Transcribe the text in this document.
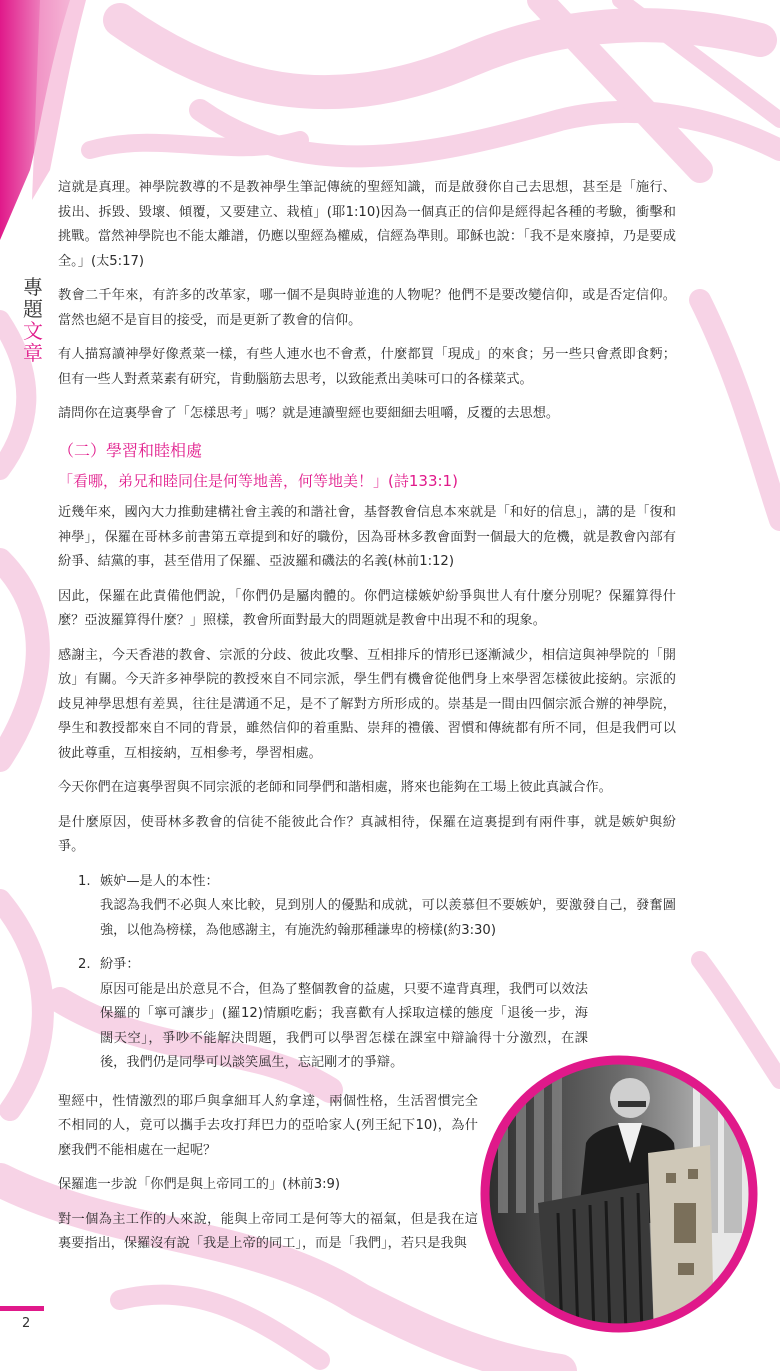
專
題
文
章

這就是真理。神學院教導的不是教神學生筆記傳統的聖經知識，而是啟發你自己去思想，甚至是「施行、拔出、拆毀、毀壞、傾覆，又要建立、栽植」(耶1:10)因為一個真正的信仰是經得起各種的考驗，衝擊和挑戰。當然神學院也不能太離譜，仍應以聖經為權威，信經為準則。耶穌也說：「我不是來廢掉，乃是要成全。」(太5:17)

教會二千年來，有許多的改革家，哪一個不是與時並進的人物呢？他們不是要改變信仰，或是否定信仰。當然也絕不是盲目的接受，而是更新了教會的信仰。

有人描寫讀神學好像煮菜一樣，有些人連水也不會煮，什麼都買「現成」的來食；另一些只會煮即食麪；但有一些人對煮菜素有研究，肯動腦筋去思考，以致能煮出美味可口的各樣菜式。

請問你在這裏學會了「怎樣思考」嗎？就是連讀聖經也要細細去咀嚼，反覆的去思想。

（二）學習和睦相處
「看哪，弟兄和睦同住是何等地善，何等地美！」(詩133:1)

近幾年來，國內大力推動建構社會主義的和諧社會，基督教會信息本來就是「和好的信息」，講的是「復和神學」，保羅在哥林多前書第五章提到和好的職份，因為哥林多教會面對一個最大的危機，就是教會內部有紛爭、結黨的事，甚至借用了保羅、亞波羅和磯法的名義(林前1:12)

因此，保羅在此責備他們說，「你們仍是屬肉體的。你們這樣嫉妒紛爭與世人有什麼分別呢？保羅算得什麼？亞波羅算得什麼？」照樣，教會所面對最大的問題就是教會中出現不和的現象。

感謝主，今天香港的教會、宗派的分歧、彼此攻擊、互相排斥的情形已逐漸減少，相信這與神學院的「開放」有關。今天許多神學院的教授來自不同宗派，學生們有機會從他們身上來學習怎樣彼此接納。宗派的歧見神學思想有差異，往往是溝通不足，是不了解對方所形成的。崇基是一間由四個宗派合辦的神學院，學生和教授都來自不同的背景，雖然信仰的着重點、崇拜的禮儀、習慣和傳統都有所不同，但是我們可以彼此尊重，互相接納，互相參考，學習相處。

今天你們在這裏學習與不同宗派的老師和同學們和諧相處，將來也能夠在工場上彼此真誠合作。

是什麼原因，使哥林多教會的信徒不能彼此合作？真誠相待，保羅在這裏提到有兩件事，就是嫉妒與紛爭。

1. 嫉妒—是人的本性：
我認為我們不必與人來比較，見到別人的優點和成就，可以羨慕但不要嫉妒，要激發自己，發奮圖強，以他為榜樣，為他感謝主，有施洗約翰那種謙卑的榜樣(約3:30)
2. 紛爭：
原因可能是出於意見不合，但為了整個教會的益處，只要不違背真理，我們可以效法保羅的「寧可讓步」(羅12)情願吃虧；我喜歡有人採取這樣的態度「退後一步，海闊天空」，爭吵不能解決問題，我們可以學習怎樣在課室中辯論得十分激烈，在課後，我們仍是同學可以談笑風生，忘記剛才的爭辯。

聖經中，性情激烈的耶戶與拿細耳人約拿達，兩個性格，生活習慣完全不相同的人，竟可以攜手去攻打拜巴力的亞哈家人(列王紀下10)，為什麼我們不能相處在一起呢？

保羅進一步說「你們是與上帝同工的」(林前3:9)

對一個為主工作的人來說，能與上帝同工是何等大的福氣，但是我在這裏要指出，保羅沒有說「我是上帝的同工」，而是「我們」，若只是我與

2
